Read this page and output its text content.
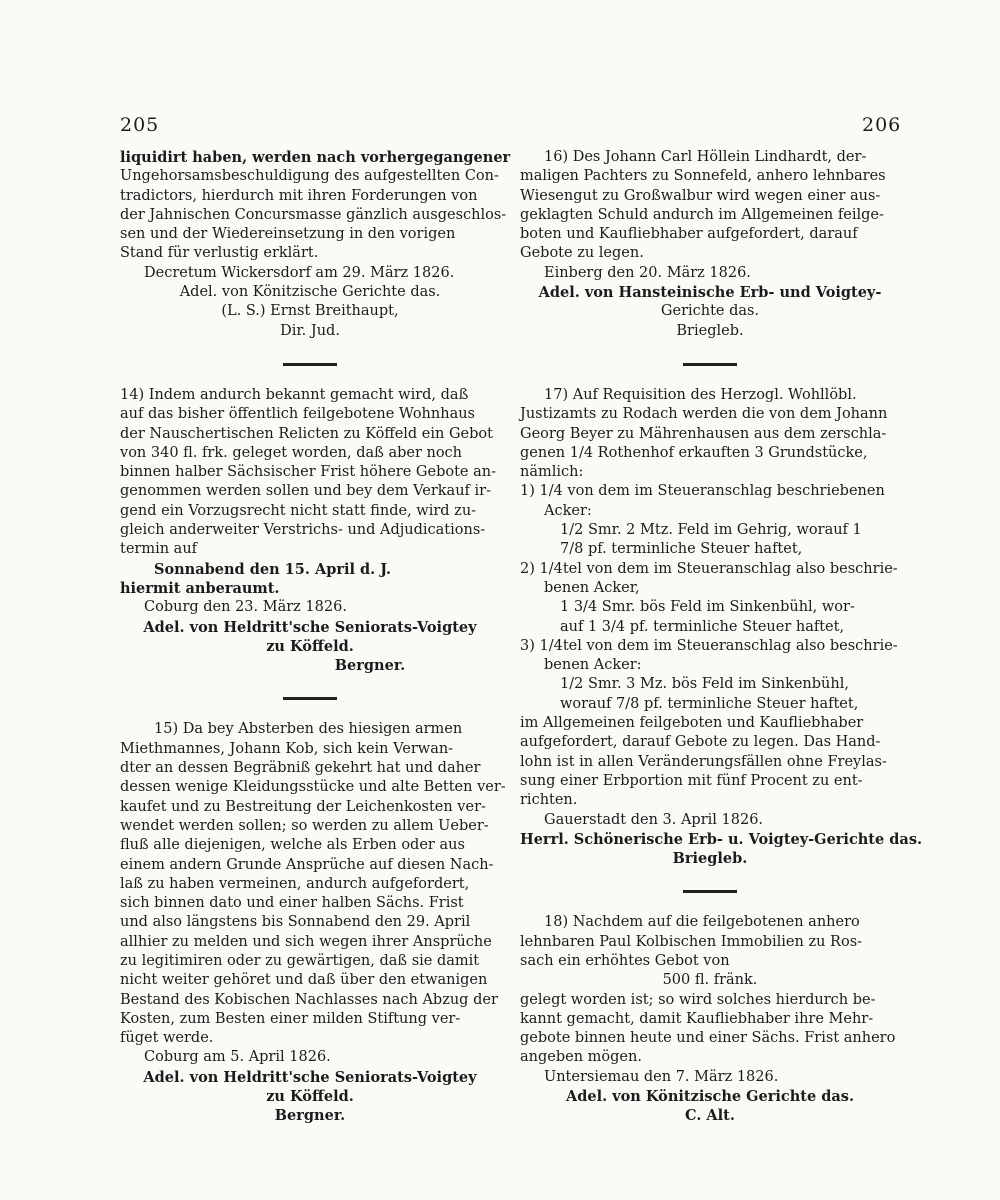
205	206
liquidirt haben, werden nach vorhergegangener
Ungehorsamsbeschuldigung des aufgestellten Con-
tradictors, hierdurch mit ihren Forderungen von
der Jahnischen Concursmasse gänzlich ausgeschlos-
sen und der Wiedereinsetzung in den vorigen
Stand für verlustig erklärt.
Decretum Wickersdorf am 29. März 1826.
Adel. von Könitzische Gerichte das.
(L. S.) Ernst Breithaupt,
Dir. Jud.
14) Indem andurch bekannt gemacht wird, daß
auf das bisher öffentlich feilgebotene Wohnhaus
der Nauschertischen Relicten zu Köffeld ein Gebot
von 340 fl. frk. geleget worden, daß aber noch
binnen halber Sächsischer Frist höhere Gebote an-
genommen werden sollen und bey dem Verkauf ir-
gend ein Vorzugsrecht nicht statt finde, wird zu-
gleich anderweiter Verstrichs- und Adjudications-
termin auf
Sonnabend den 15. April d. J.
hiermit anberaumt.
Coburg den 23. März 1826.
Adel. von Heldritt'sche Seniorats-Voigtey
zu Köffeld.
Bergner.
15) Da bey Absterben des hiesigen armen
Miethmannes, Johann Kob, sich kein Verwan-
dter an dessen Begräbniß gekehrt hat und daher
dessen wenige Kleidungsstücke und alte Betten ver-
kaufet und zu Bestreitung der Leichenkosten ver-
wendet werden sollen; so werden zu allem Ueber-
fluß alle diejenigen, welche als Erben oder aus
einem andern Grunde Ansprüche auf diesen Nach-
laß zu haben vermeinen, andurch aufgefordert,
sich binnen dato und einer halben Sächs. Frist
und also längstens bis Sonnabend den 29. April
allhier zu melden und sich wegen ihrer Ansprüche
zu legitimiren oder zu gewärtigen, daß sie damit
nicht weiter gehöret und daß über den etwanigen
Bestand des Kobischen Nachlasses nach Abzug der
Kosten, zum Besten einer milden Stiftung ver-
füget werde.
Coburg am 5. April 1826.
Adel. von Heldritt'sche Seniorats-Voigtey
zu Köffeld.
Bergner.
16) Des Johann Carl Höllein Lindhardt, der-
maligen Pachters zu Sonnefeld, anhero lehnbares
Wiesengut zu Großwalbur wird wegen einer aus-
geklagten Schuld andurch im Allgemeinen feilge-
boten und Kaufliebhaber aufgefordert, darauf
Gebote zu legen.
Einberg den 20. März 1826.
Adel. von Hansteinische Erb- und Voigtey-
Gerichte das.
Briegleb.
17) Auf Requisition des Herzogl. Wohllöbl.
Justizamts zu Rodach werden die von dem Johann
Georg Beyer zu Mährenhausen aus dem zerschla-
genen 1/4 Rothenhof erkauften 3 Grundstücke,
nämlich:
1) 1/4 von dem im Steueranschlag beschriebenen
Acker:
1/2 Smr. 2 Mtz. Feld im Gehrig, worauf 1
7/8 pf. terminliche Steuer haftet,
2) 1/4tel von dem im Steueranschlag also beschrie-
benen Acker,
1 3/4 Smr. bös Feld im Sinkenbühl, wor-
auf 1 3/4 pf. terminliche Steuer haftet,
3) 1/4tel von dem im Steueranschlag also beschrie-
benen Acker:
1/2 Smr. 3 Mz. bös Feld im Sinkenbühl,
worauf 7/8 pf. terminliche Steuer haftet,
im Allgemeinen feilgeboten und Kaufliebhaber
aufgefordert, darauf Gebote zu legen. Das Hand-
lohn ist in allen Veränderungsfällen ohne Freylas-
sung einer Erbportion mit fünf Procent zu ent-
richten.
Gauerstadt den 3. April 1826.
Herrl. Schönerische Erb- u. Voigtey-Gerichte das.
Briegleb.
18) Nachdem auf die feilgebotenen anhero
lehnbaren Paul Kolbischen Immobilien zu Ros-
sach ein erhöhtes Gebot von
500 fl. fränk.
gelegt worden ist; so wird solches hierdurch be-
kannt gemacht, damit Kaufliebhaber ihre Mehr-
gebote binnen heute und einer Sächs. Frist anhero
angeben mögen.
Untersiemau den 7. März 1826.
Adel. von Könitzische Gerichte das.
C. Alt.
